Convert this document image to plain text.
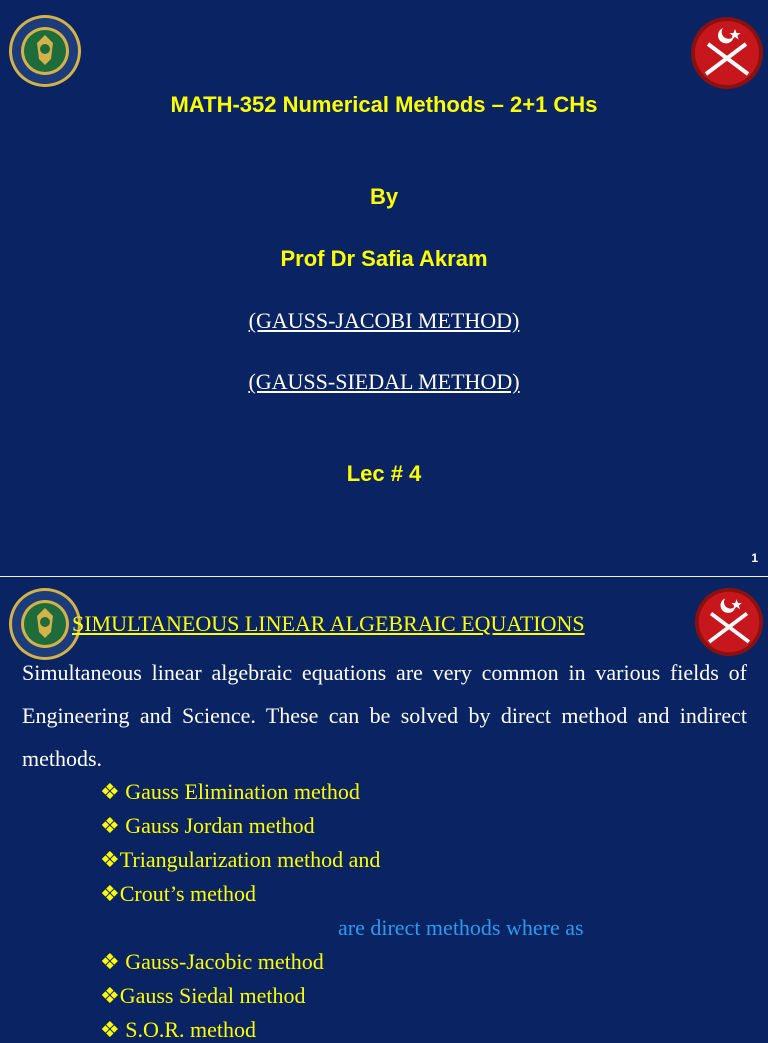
MATH-352 Numerical Methods – 2+1 CHs
By
Prof Dr Safia Akram
(GAUSS-JACOBI METHOD)
(GAUSS-SIEDAL METHOD)
Lec # 4
1
SIMULTANEOUS LINEAR ALGEBRAIC EQUATIONS
Simultaneous linear algebraic equations are very common in various fields of Engineering and Science. These can be solved by direct method and indirect methods.
❖ Gauss Elimination method
❖ Gauss Jordan method
❖Triangularization method and
❖Crout’s method
are direct methods where as
❖ Gauss-Jacobic method
❖Gauss Siedal method
❖ S.O.R. method
